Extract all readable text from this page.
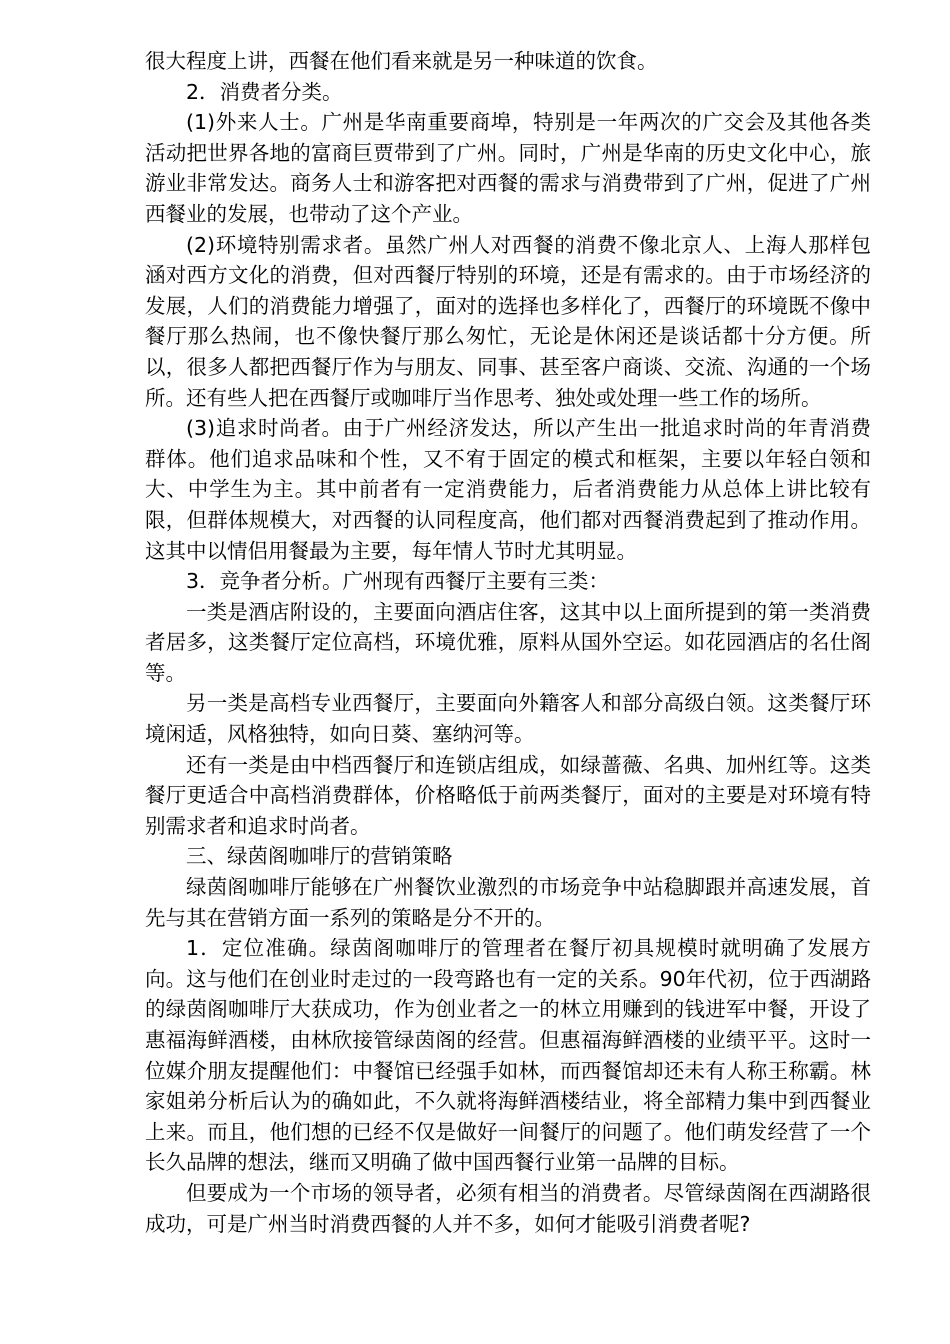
很大程度上讲，西餐在他们看来就是另一种味道的饮食。

2．消费者分类。

(1)外来人士。广州是华南重要商埠，特别是一年两次的广交会及其他各类活动把世界各地的富商巨贾带到了广州。同时，广州是华南的历史文化中心，旅游业非常发达。商务人士和游客把对西餐的需求与消费带到了广州，促进了广州西餐业的发展，也带动了这个产业。

(2)环境特别需求者。虽然广州人对西餐的消费不像北京人、上海人那样包涵对西方文化的消费，但对西餐厅特别的环境，还是有需求的。由于市场经济的发展，人们的消费能力增强了，面对的选择也多样化了，西餐厅的环境既不像中餐厅那么热闹，也不像快餐厅那么匆忙，无论是休闲还是谈话都十分方便。所以，很多人都把西餐厅作为与朋友、同事、甚至客户商谈、交流、沟通的一个场所。还有些人把在西餐厅或咖啡厅当作思考、独处或处理一些工作的场所。

(3)追求时尚者。由于广州经济发达，所以产生出一批追求时尚的年青消费群体。他们追求品味和个性，又不宥于固定的模式和框架，主要以年轻白领和大、中学生为主。其中前者有一定消费能力，后者消费能力从总体上讲比较有限，但群体规模大，对西餐的认同程度高，他们都对西餐消费起到了推动作用。这其中以情侣用餐最为主要，每年情人节时尤其明显。

3．竞争者分析。广州现有西餐厅主要有三类：

一类是酒店附设的，主要面向酒店住客，这其中以上面所提到的第一类消费者居多，这类餐厅定位高档，环境优雅，原料从国外空运。如花园酒店的名仕阁等。

另一类是高档专业西餐厅，主要面向外籍客人和部分高级白领。这类餐厅环境闲适，风格独特，如向日葵、塞纳河等。

还有一类是由中档西餐厅和连锁店组成，如绿蔷薇、名典、加州红等。这类餐厅更适合中高档消费群体，价格略低于前两类餐厅，面对的主要是对环境有特别需求者和追求时尚者。

三、绿茵阁咖啡厅的营销策略

绿茵阁咖啡厅能够在广州餐饮业激烈的市场竞争中站稳脚跟并高速发展，首先与其在营销方面一系列的策略是分不开的。

1．定位准确。绿茵阁咖啡厅的管理者在餐厅初具规模时就明确了发展方向。这与他们在创业时走过的一段弯路也有一定的关系。90年代初，位于西湖路的绿茵阁咖啡厅大获成功，作为创业者之一的林立用赚到的钱进军中餐，开设了惠福海鲜酒楼，由林欣接管绿茵阁的经营。但惠福海鲜酒楼的业绩平平。这时一位媒介朋友提醒他们：中餐馆已经强手如林，而西餐馆却还未有人称王称霸。林家姐弟分析后认为的确如此，不久就将海鲜酒楼结业，将全部精力集中到西餐业上来。而且，他们想的已经不仅是做好一间餐厅的问题了。他们萌发经营了一个长久品牌的想法，继而又明确了做中国西餐行业第一品牌的目标。

但要成为一个市场的领导者，必须有相当的消费者。尽管绿茵阁在西湖路很成功，可是广州当时消费西餐的人并不多，如何才能吸引消费者呢?
